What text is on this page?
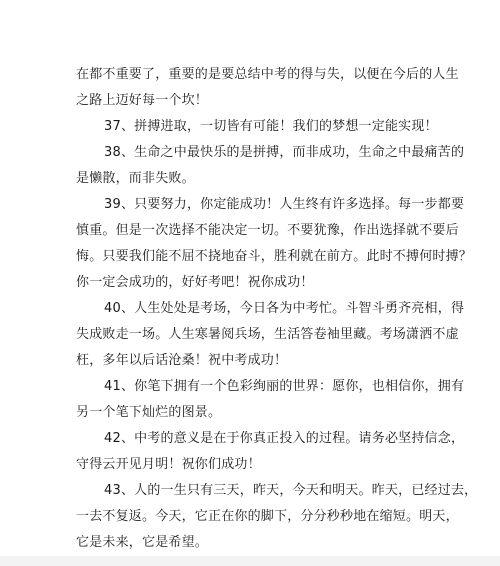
在都不重要了，重要的是要总结中考的得与失，以便在今后的人生
之路上迈好每一个坎！

37、拼搏进取，一切皆有可能！我们的梦想一定能实现！

38、生命之中最快乐的是拼搏，而非成功，生命之中最痛苦的
是懒散，而非失败。

39、只要努力，你定能成功！人生终有许多选择。每一步都要
慎重。但是一次选择不能决定一切。不要犹豫，作出选择就不要后
悔。只要我们能不屈不挠地奋斗，胜利就在前方。此时不搏何时搏？
你一定会成功的，好好考吧！祝你成功！

40、人生处处是考场，今日各为中考忙。斗智斗勇齐亮相，得
失成败走一场。人生寒暑阅兵场，生活答卷袖里藏。考场潇洒不虚
枉，多年以后话沧桑！祝中考成功！

41、你笔下拥有一个色彩绚丽的世界：愿你，也相信你，拥有
另一个笔下灿烂的图景。

42、中考的意义是在于你真正投入的过程。请务必坚持信念，
守得云开见月明！祝你们成功！

43、人的一生只有三天，昨天，今天和明天。昨天，已经过去，
一去不复返。今天，它正在你的脚下，分分秒秒地在缩短。明天，
它是未来，它是希望。
